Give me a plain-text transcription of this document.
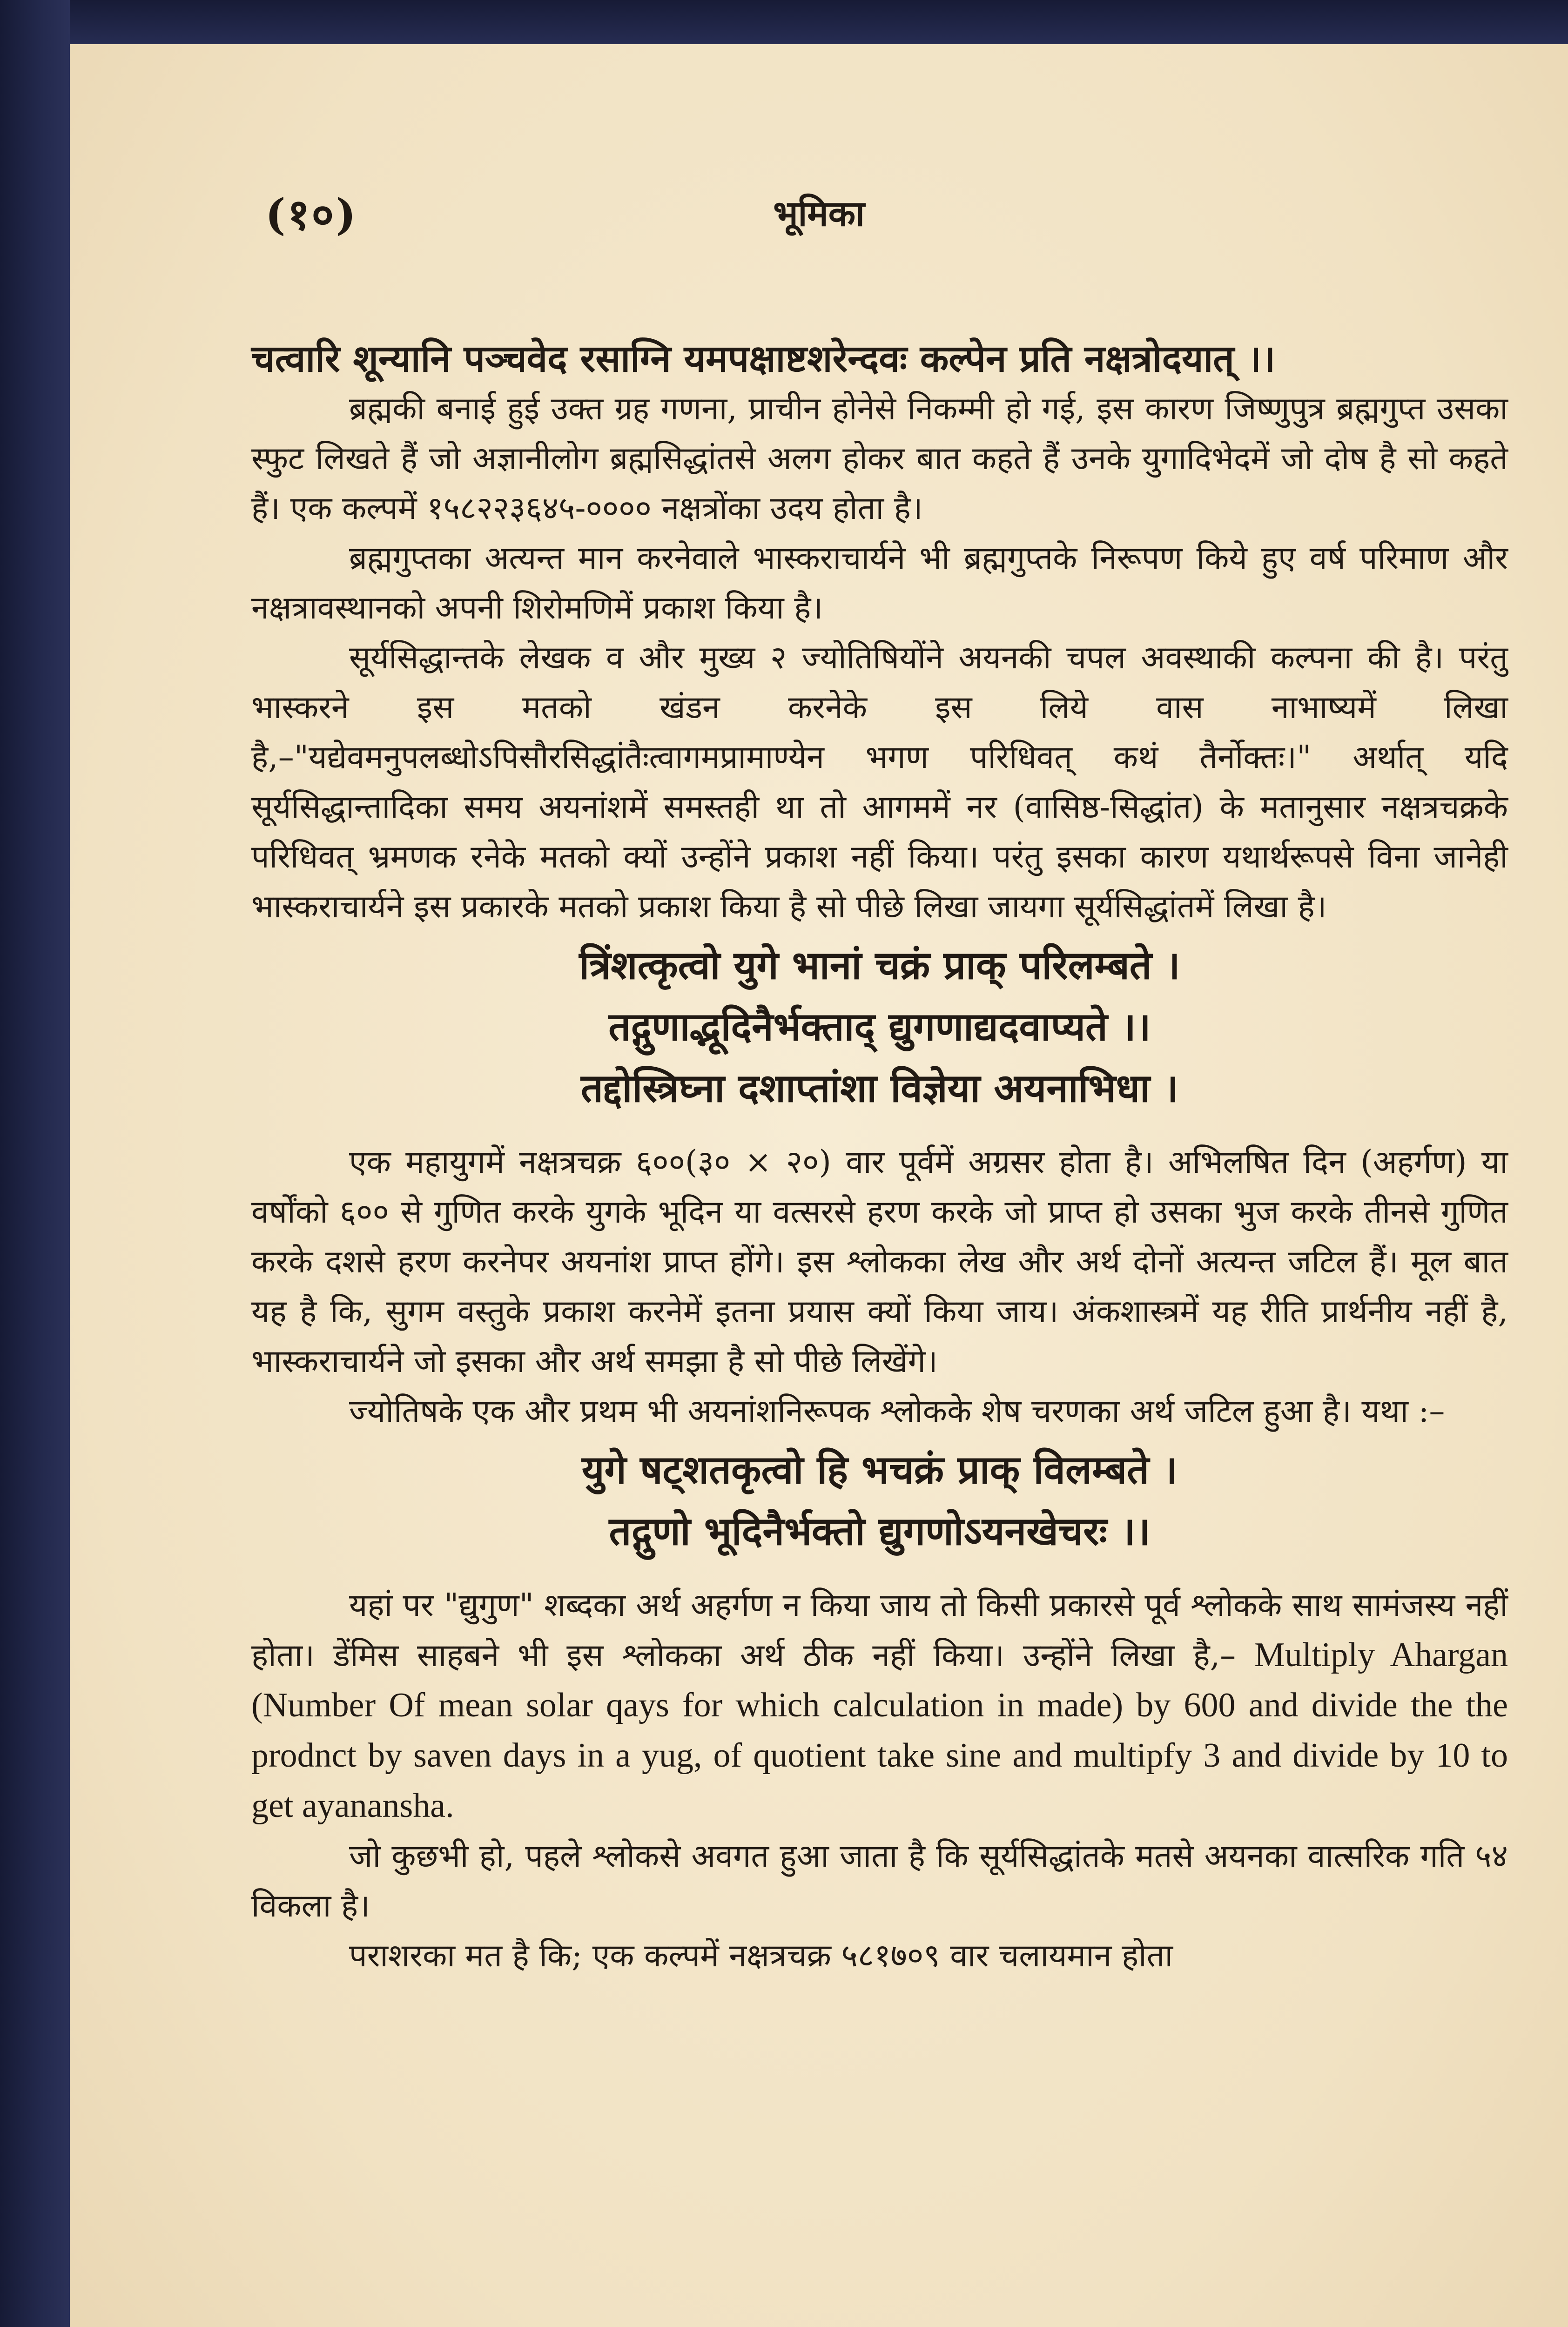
(१०)	भूमिका

चत्वारि शून्यानि पञ्चवेद रसाग्नि यमपक्षाष्टशरेन्दवः कल्पेन प्रति नक्षत्रोदयात् ।।

ब्रह्मकी बनाई हुई उक्त ग्रह गणना, प्राचीन होनेसे निकम्मी हो गई, इस कारण जिष्णुपुत्र ब्रह्मगुप्त उसका स्फुट लिखते हैं जो अज्ञानीलोग ब्रह्मसिद्धांतसे अलग होकर बात कहते हैं उनके युगादिभेदमें जो दोष है सो कहते हैं। एक कल्पमें १५८२२३६४५-०००० नक्षत्रोंका उदय होता है।

ब्रह्मगुप्तका अत्यन्त मान करनेवाले भास्कराचार्यने भी ब्रह्मगुप्तके निरूपण किये हुए वर्ष परिमाण और नक्षत्रावस्थानको अपनी शिरोमणिमें प्रकाश किया है।

सूर्यसिद्धान्तके लेखक व और मुख्य २ ज्योतिषियोंने अयनकी चपल अवस्थाकी कल्पना की है। परंतु भास्करने इस मतको खंडन करनेके इस लिये वास नाभाष्यमें लिखा है,–"यद्येवमनुपलब्धोऽपिसौरसिद्धांतैःत्वागमप्रामाण्येन भगण परिधिवत् कथं तैर्नोक्तः।" अर्थात् यदि सूर्यसिद्धान्तादिका समय अयनांशमें समस्तही था तो आगममें नर (वासिष्ठ-सिद्धांत) के मतानुसार नक्षत्रचक्रके परिधिवत् भ्रमणक रनेके मतको क्यों उन्होंने प्रकाश नहीं किया। परंतु इसका कारण यथार्थरूपसे विना जानेही भास्कराचार्यने इस प्रकारके मतको प्रकाश किया है सो पीछे लिखा जायगा सूर्यसिद्धांतमें लिखा है।

त्रिंशत्कृत्वो युगे भानां चक्रं प्राक् परिलम्बते ।
तद्गुणाद्भूदिनैर्भक्ताद् द्युगणाद्यदवाप्यते ।।
तद्दोस्त्रिघ्ना दशाप्तांशा विज्ञेया अयनाभिधा ।

एक महायुगमें नक्षत्रचक्र ६००(३० × २०) वार पूर्वमें अग्रसर होता है। अभिलषित दिन (अहर्गण) या वर्षोंको ६०० से गुणित करके युगके भूदिन या वत्सरसे हरण करके जो प्राप्त हो उसका भुज करके तीनसे गुणित करके दशसे हरण करनेपर अयनांश प्राप्त होंगे। इस श्लोकका लेख और अर्थ दोनों अत्यन्त जटिल हैं। मूल बात यह है कि, सुगम वस्तुके प्रकाश करनेमें इतना प्रयास क्यों किया जाय। अंकशास्त्रमें यह रीति प्रार्थनीय नहीं है, भास्कराचार्यने जो इसका और अर्थ समझा है सो पीछे लिखेंगे।

ज्योतिषके एक और प्रथम भी अयनांशनिरूपक श्लोकके शेष चरणका अर्थ जटिल हुआ है। यथा :–

युगे षट्शतकृत्वो हि भचक्रं प्राक् विलम्बते ।
तद्गुणो भूदिनैर्भक्तो द्युगणोऽयनखेचरः ।।

यहां पर "द्युगुण" शब्दका अर्थ अहर्गण न किया जाय तो किसी प्रकारसे पूर्व श्लोकके साथ सामंजस्य नहीं होता। डेंमिस साहबने भी इस श्लोकका अर्थ ठीक नहीं किया। उन्होंने लिखा है,– Multiply Ahargan (Number Of mean solar qays for which calculation in made) by 600 and divide the the prodnct by saven days in a yug, of quotient take sine and multipfy 3 and divide by 10 to get ayanansha.

जो कुछभी हो, पहले श्लोकसे अवगत हुआ जाता है कि सूर्यसिद्धांतके मतसे अयनका वात्सरिक गति ५४ विकला है।

पराशरका मत है कि; एक कल्पमें नक्षत्रचक्र ५८१७०९ वार चलायमान होता
